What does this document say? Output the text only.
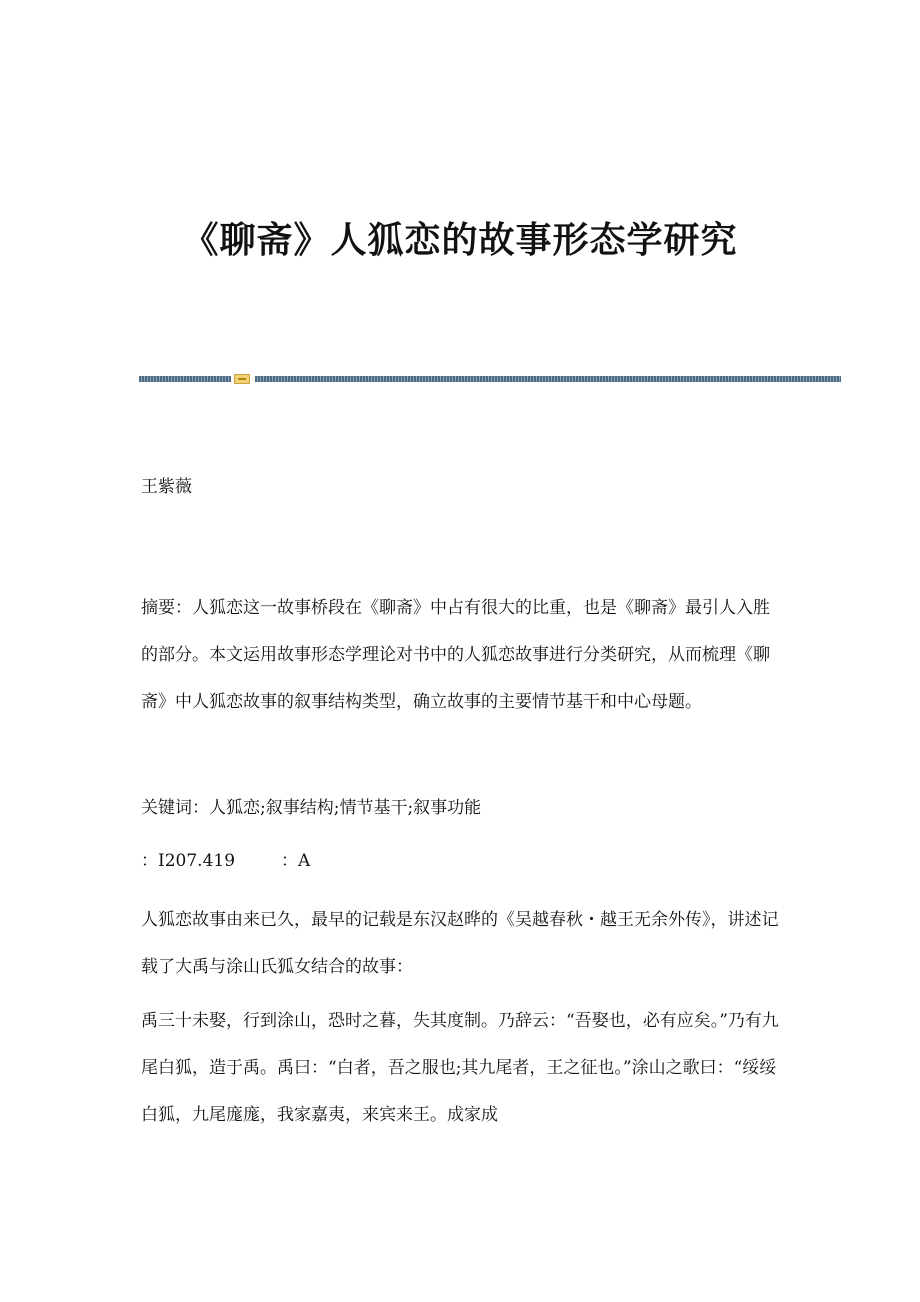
《聊斋》人狐恋的故事形态学研究
王紫薇

摘要：人狐恋这一故事桥段在《聊斋》中占有很大的比重，也是《聊斋》最引人入胜的部分。本文运用故事形态学理论对书中的人狐恋故事进行分类研究，从而梳理《聊斋》中人狐恋故事的叙事结构类型，确立故事的主要情节基干和中心母题。

关键词：人狐恋;叙事结构;情节基干;叙事功能

：I207.419	：A

人狐恋故事由来已久，最早的记载是东汉赵晔的《吴越春秋・越王无余外传》，讲述记载了大禹与涂山氏狐女结合的故事：

禹三十未娶，行到涂山，恐时之暮，失其度制。乃辞云：“吾娶也，必有应矣。”乃有九尾白狐，造于禹。禹曰：“白者，吾之服也;其九尾者，王之征也。”涂山之歌曰：“绥绥白狐，九尾庬庬，我家嘉夷，来宾来王。成家成
